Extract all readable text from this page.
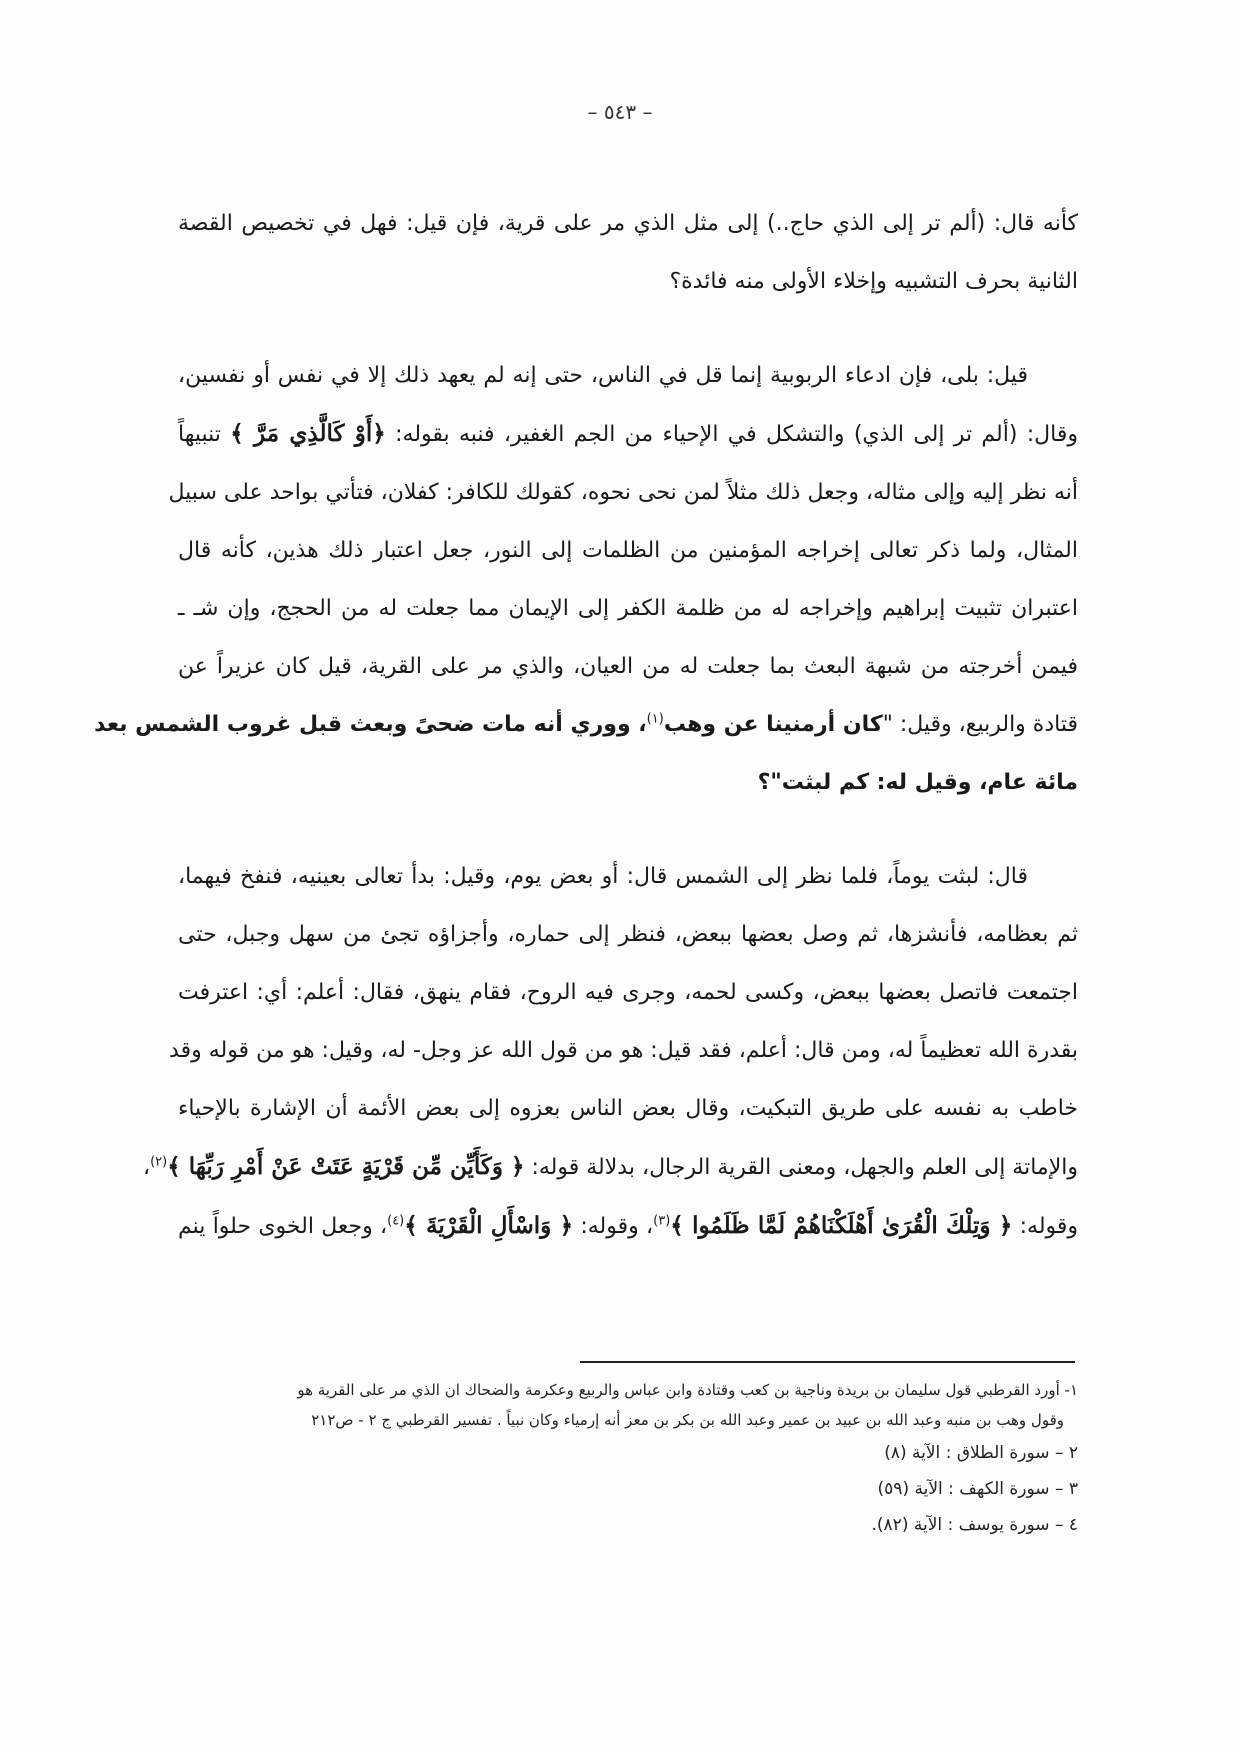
– ٥٤٣ –

كأنه قال: (ألم تر إلى الذي حاج..) إلى مثل الذي مر على قرية، فإن قيل: فهل في تخصيص القصة
الثانية بحرف التشبيه وإخلاء الأولى منه فائدة؟

قيل: بلى، فإن ادعاء الربوبية إنما قل في الناس، حتى إنه لم يعهد ذلك إلا في نفس أو نفسين،
وقال: (ألم تر إلى الذي) والتشكل في الإحياء من الجم الغفير، فنبه بقوله: ﴿أَوْ كَالَّذِي مَرَّ ﴾ تنبيهاً
أنه نظر إليه وإلى مثاله، وجعل ذلك مثلاً لمن نحى نحوه، كقولك للكافر: كفلان، فتأتي بواحد على سبيل
المثال، ولما ذكر تعالى إخراجه المؤمنين من الظلمات إلى النور، جعل اعتبار ذلك هذين، كأنه قال
اعتبران تثبيت إبراهيم وإخراجه له من ظلمة الكفر إلى الإيمان مما جعلت له من الحجج، وإن شـ ـ
فيمن أخرجته من شبهة البعث بما جعلت له من العيان، والذي مر على القرية، قيل كان عزيراً عن
قتادة والربيع، وقيل: "كان أرمنينا عن وهب$^{(١)}$، ووري أنه مات ضحىً وبعث قبل غروب الشمس بعد
مائة عام، وقيل له: كم لبثت"؟

قال: لبثت يوماً، فلما نظر إلى الشمس قال: أو بعض يوم، وقيل: بدأ تعالى بعينيه، فنفخ فيهما،
ثم بعظامه، فأنشزها، ثم وصل بعضها ببعض، فنظر إلى حماره، وأجزاؤه تجئ من سهل وجبل، حتى
اجتمعت فاتصل بعضها ببعض، وكسى لحمه، وجرى فيه الروح، فقام ينهق، فقال: أعلم: أي: اعترفت
بقدرة الله تعظيماً له، ومن قال: أعلم، فقد قيل: هو من قول الله عز وجل- له، وقيل: هو من قوله وقد
خاطب به نفسه على طريق التبكيت، وقال بعض الناس بعزوه إلى بعض الأئمة أن الإشارة بالإحياء
والإماتة إلى العلم والجهل، ومعنى القرية الرجال، بدلالة قوله: ﴿ وَكَأَيِّن مِّن قَرْيَةٍ عَتَتْ عَنْ أَمْرِ رَبِّهَا ﴾$^{(٢)}$،
وقوله: ﴿ وَتِلْكَ الْقُرَىٰ أَهْلَكْنَاهُمْ لَمَّا ظَلَمُوا ﴾$^{(٣)}$، وقوله: ﴿ وَاسْأَلِ الْقَرْيَةَ ﴾$^{(٤)}$، وجعل الخوى حلواً ينم

١- أورد القرطبي قول سليمان بن بريدة وناجية بن كعب وقتادة وابن عباس والربيع وعكرمة والضحاك ان الذي مر على القرية هو
وقول وهب بن منبه وعبد الله بن عبيد بن عمير وعبد الله بن بكر بن معز أنه إرمياء وكان نبياً . تفسير القرطبي ج ٢ - ص٢١٢
٢ – سورة الطلاق : الآية (٨)
٣ – سورة الكهف : الآية (٥٩)
٤ – سورة يوسف : الآية (٨٢).
